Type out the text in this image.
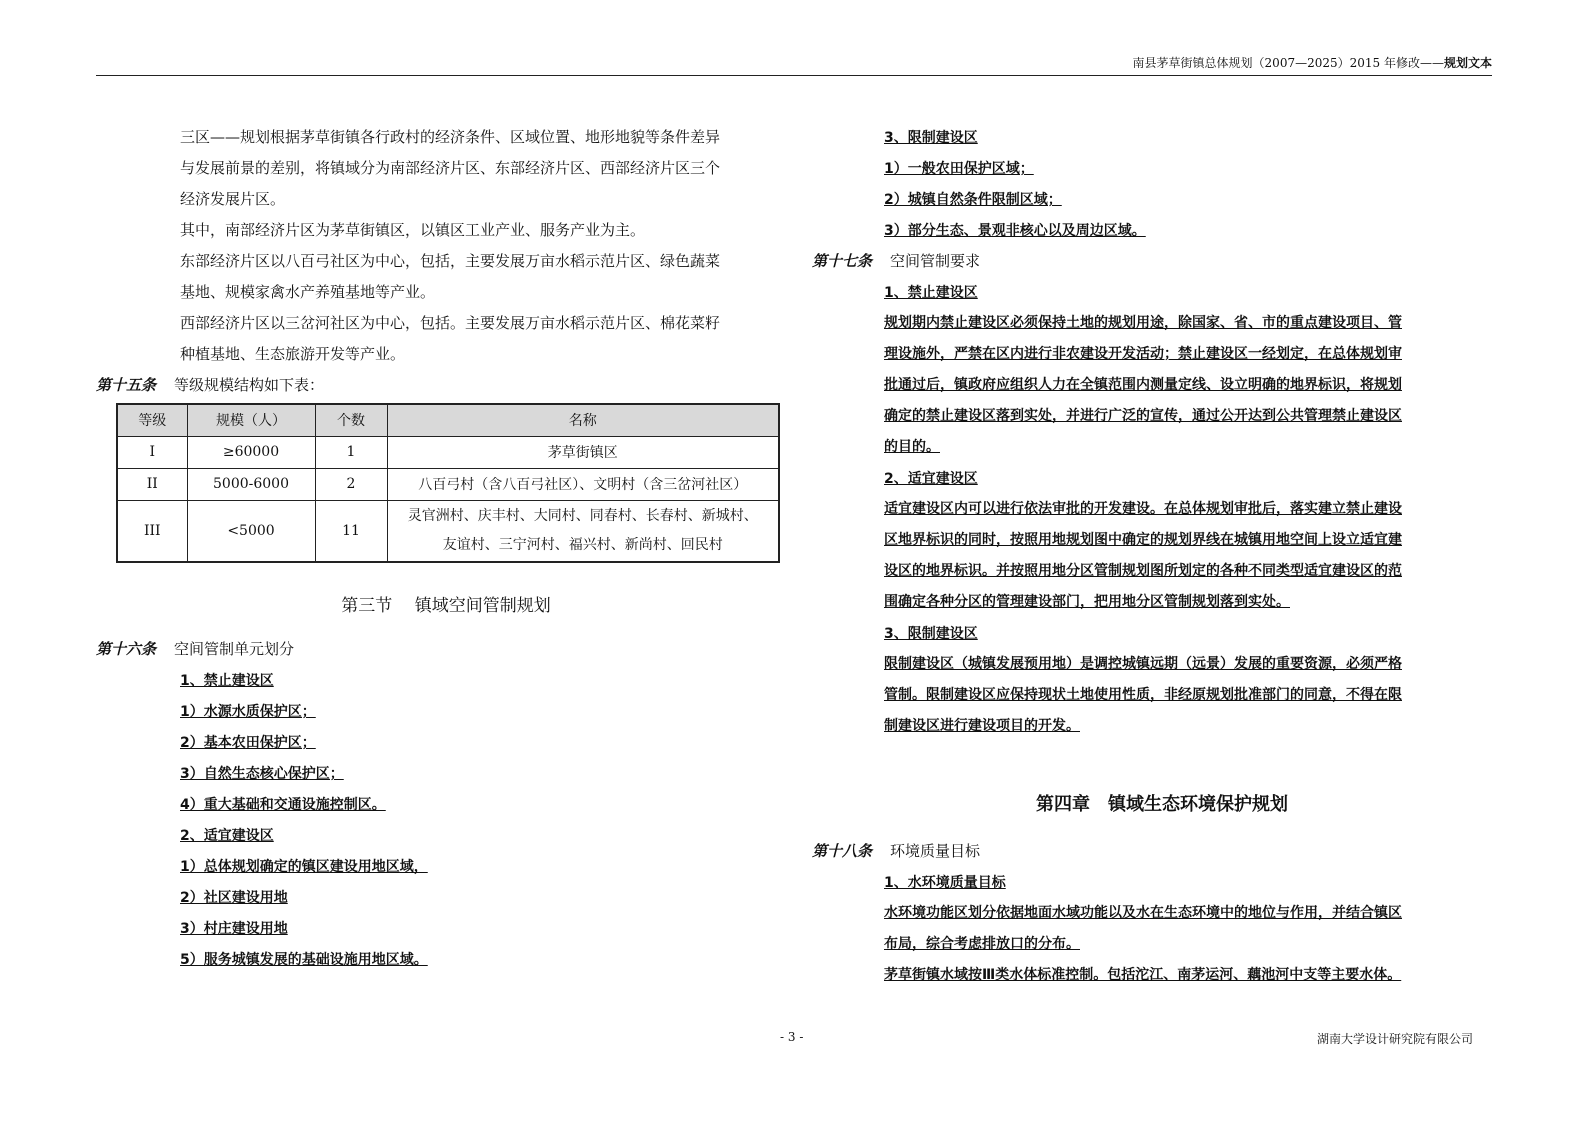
南县茅草街镇总体规划（2007—2025）2015 年修改——规划文本
三区——规划根据茅草街镇各行政村的经济条件、区域位置、地形地貌等条件差异
与发展前景的差别，将镇域分为南部经济片区、东部经济片区、西部经济片区三个
经济发展片区。
其中，南部经济片区为茅草街镇区，以镇区工业产业、服务产业为主。
东部经济片区以八百弓社区为中心，包括，主要发展万亩水稻示范片区、绿色蔬菜
基地、规模家禽水产养殖基地等产业。
西部经济片区以三岔河社区为中心，包括。主要发展万亩水稻示范片区、棉花菜籽
种植基地、生态旅游开发等产业。
第十五条 等级规模结构如下表：
等级	规模（人）	个数	名称
I	≥60000	1	茅草街镇区
II	5000-6000	2	八百弓村（含八百弓社区）、文明村（含三岔河社区）
III	<5000	11	灵官洲村、庆丰村、大同村、同春村、长春村、新城村、
友谊村、三宁河村、福兴村、新尚村、回民村
第三节　 镇域空间管制规划
第十六条 空间管制单元划分
1、禁止建设区
1）水源水质保护区；
2）基本农田保护区；
3）自然生态核心保护区；
4）重大基础和交通设施控制区。
2、适宜建设区
1）总体规划确定的镇区建设用地区域，
2）社区建设用地
3）村庄建设用地
5）服务城镇发展的基础设施用地区域。
3、限制建设区
1）一般农田保护区域；
2）城镇自然条件限制区域；
3）部分生态、景观非核心以及周边区域。
第十七条 空间管制要求
1、禁止建设区
规划期内禁止建设区必须保持土地的规划用途，除国家、省、市的重点建设项目、管
理设施外，严禁在区内进行非农建设开发活动；禁止建设区一经划定，在总体规划审
批通过后，镇政府应组织人力在全镇范围内测量定线、设立明确的地界标识，将规划
确定的禁止建设区落到实处，并进行广泛的宣传，通过公开达到公共管理禁止建设区
的目的。
2、适宜建设区
适宜建设区内可以进行依法审批的开发建设。在总体规划审批后，落实建立禁止建设
区地界标识的同时，按照用地规划图中确定的规划界线在城镇用地空间上设立适宜建
设区的地界标识。并按照用地分区管制规划图所划定的各种不同类型适宜建设区的范
围确定各种分区的管理建设部门，把用地分区管制规划落到实处。
3、限制建设区
限制建设区（城镇发展预用地）是调控城镇远期（远景）发展的重要资源，必须严格
管制。限制建设区应保持现状土地使用性质，非经原规划批准部门的同意，不得在限
制建设区进行建设项目的开发。
第四章　镇域生态环境保护规划
第十八条 环境质量目标
1、水环境质量目标
水环境功能区划分依据地面水域功能以及水在生态环境中的地位与作用，并结合镇区
布局，综合考虑排放口的分布。
茅草街镇水域按Ⅲ类水体标准控制。包括沱江、南茅运河、藕池河中支等主要水体。
- 3 -	湖南大学设计研究院有限公司
